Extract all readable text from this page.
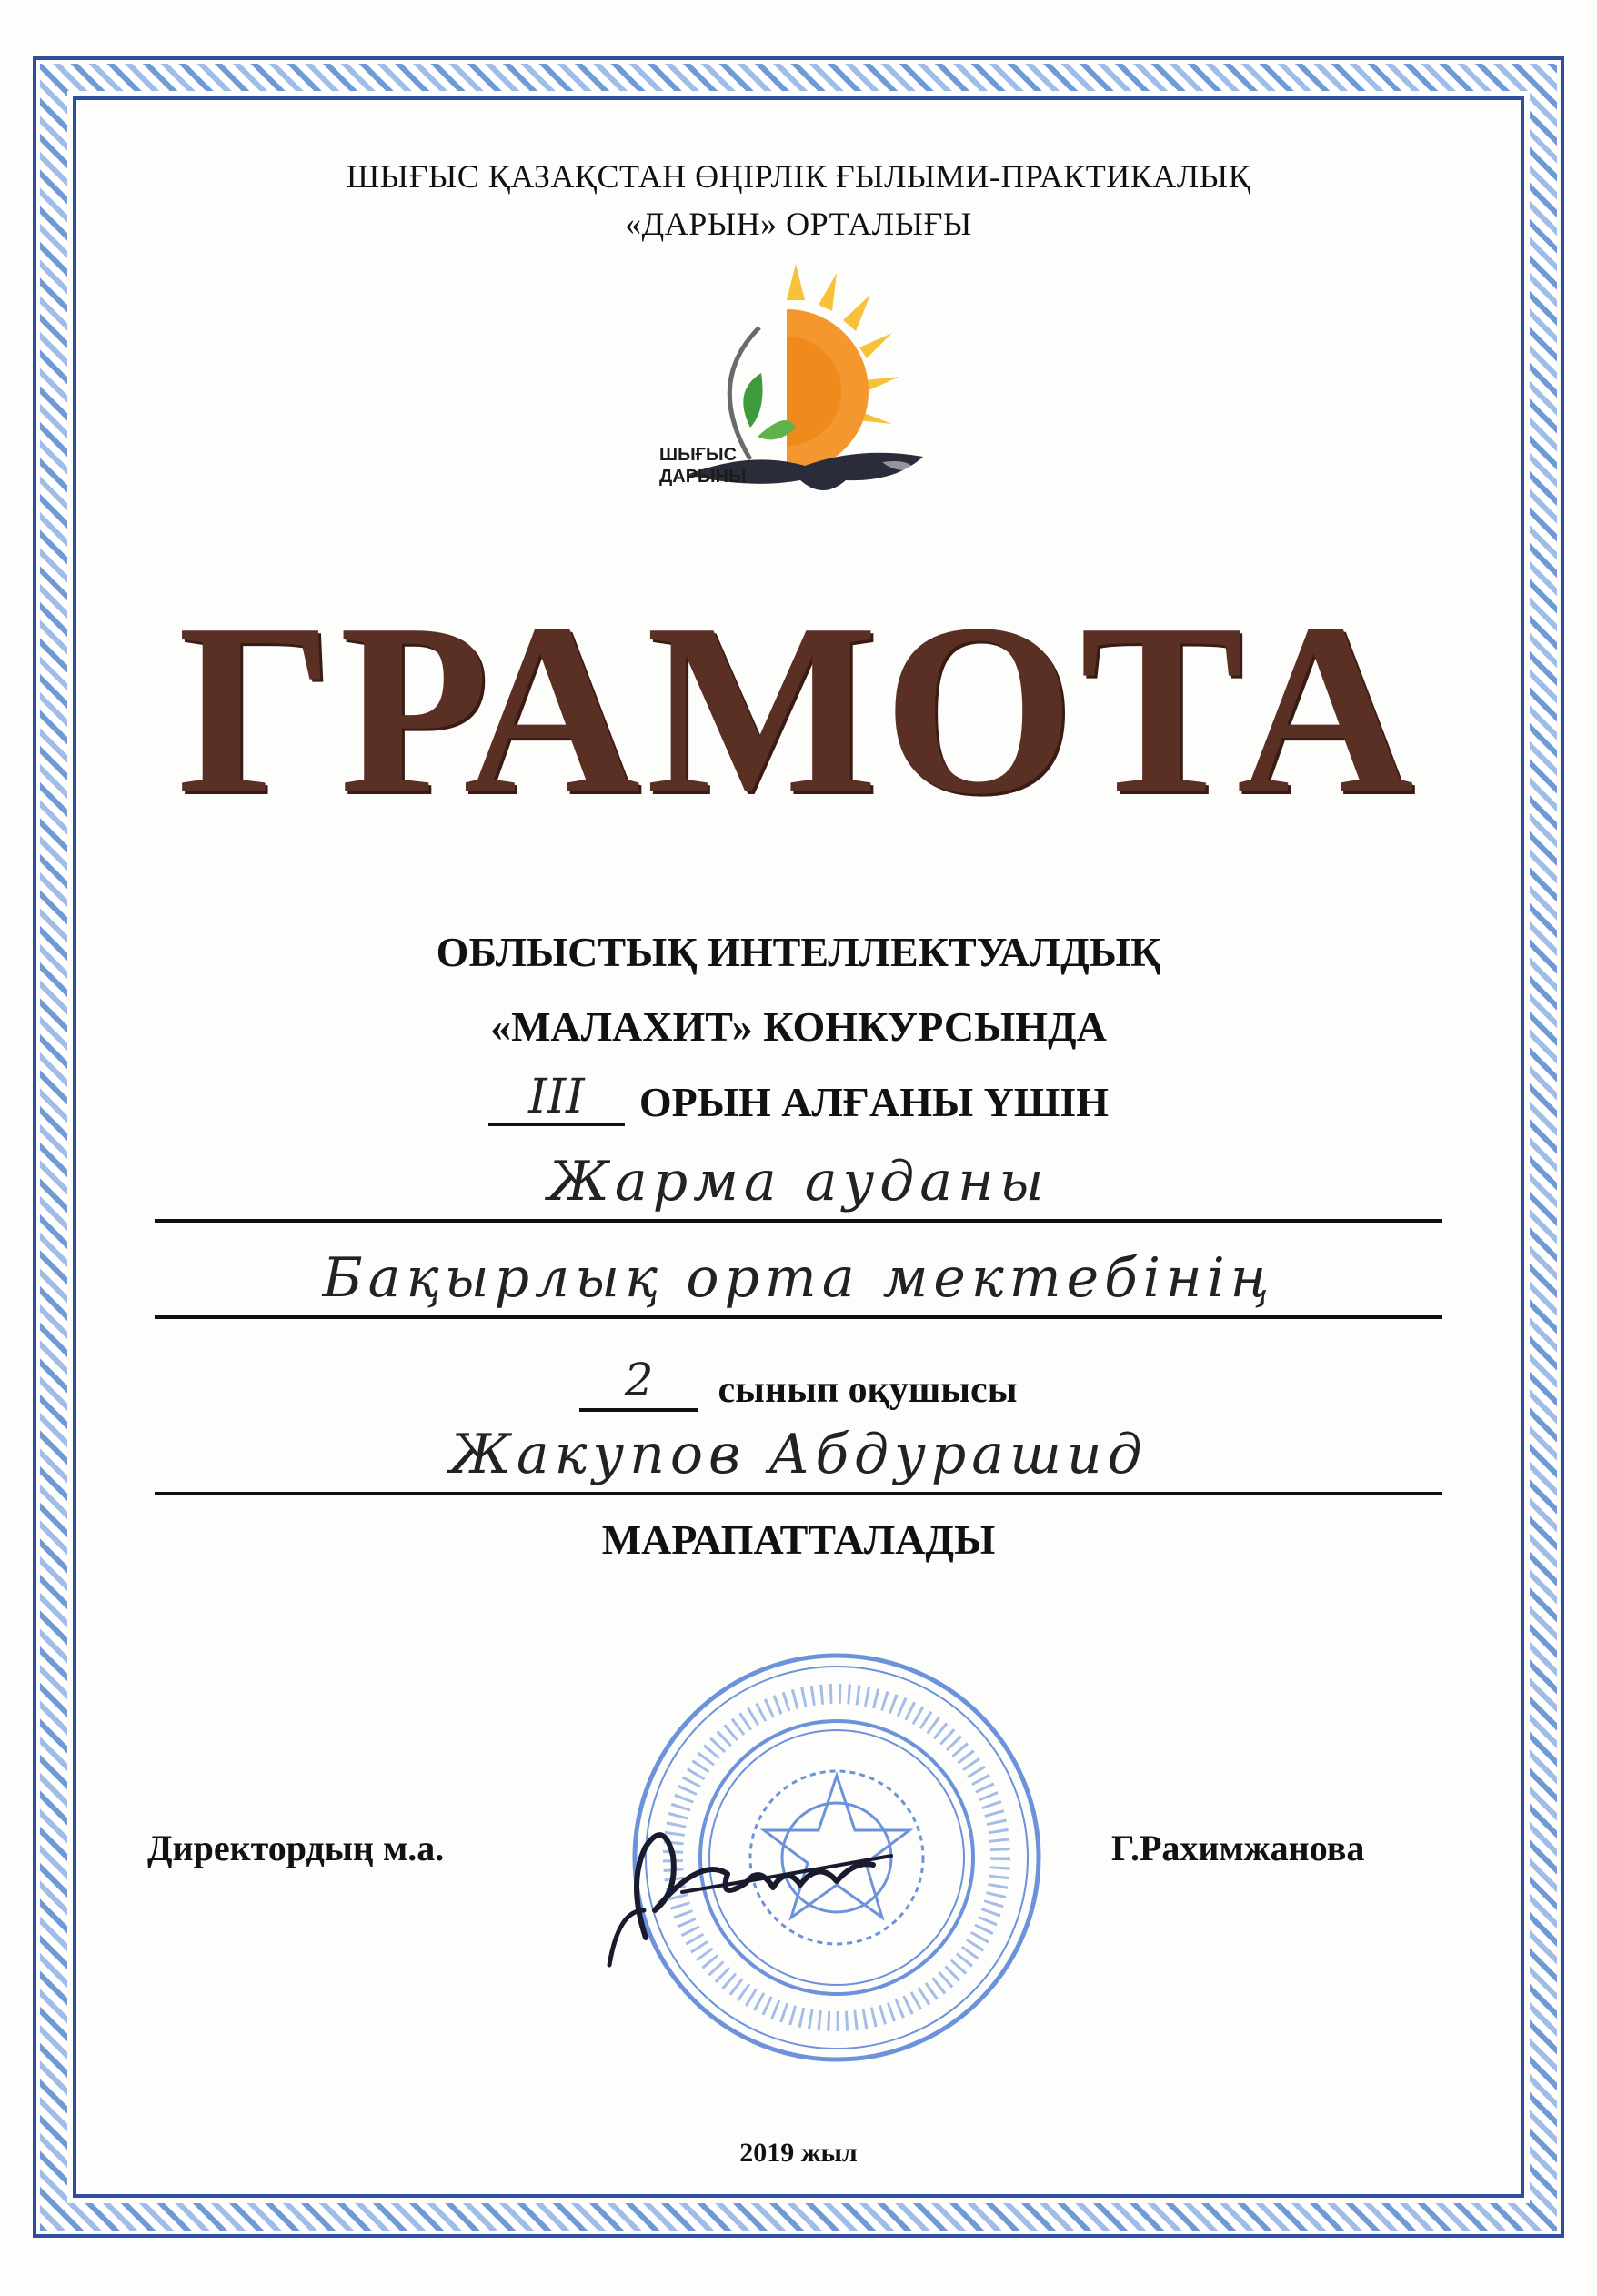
ШЫҒЫС ҚАЗАҚСТАН ӨҢІРЛІК ҒЫЛЫМИ-ПРАКТИКАЛЫҚ
«ДАРЫН» ОРТАЛЫҒЫ
ШЫҒЫС
ДАРЫНЫ
ГРАМОТА
ОБЛЫСТЫҚ ИНТЕЛЛЕКТУАЛДЫҚ
«МАЛАХИТ» КОНКУРСЫНДА
III	ОРЫН АЛҒАНЫ ҮШІН
Жарма ауданы
Бақырлық орта мектебінің
2	сынып оқушысы
Жакупов Абдурашид
МАРАПАТТАЛАДЫ
Директордың м.а.	Г.Рахимжанова
2019 жыл
